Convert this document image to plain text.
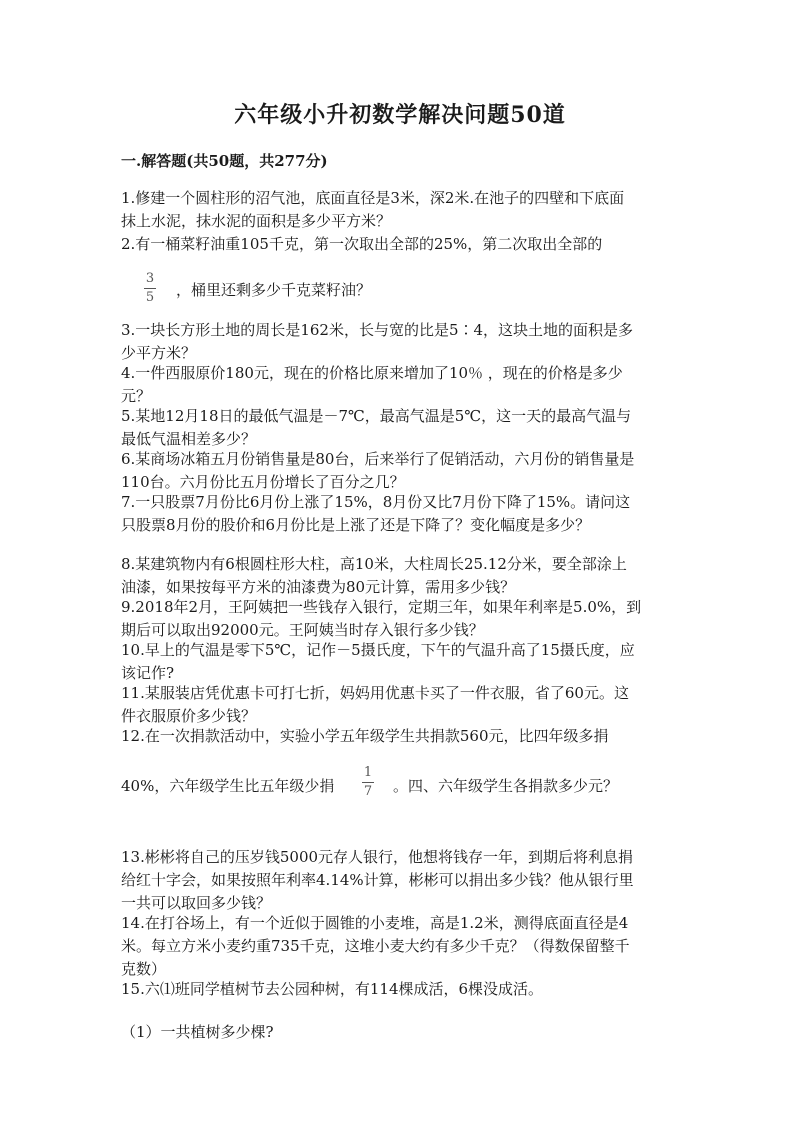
六年级小升初数学解决问题50道
一.解答题(共50题，共277分)
1.修建一个圆柱形的沼气池，底面直径是3米，深2米.在池子的四壁和下底面
抹上水泥，抹水泥的面积是多少平方米？
2.有一桶菜籽油重105千克，第一次取出全部的25%，第二次取出全部的
3
5 ，桶里还剩多少千克菜籽油？
3.一块长方形土地的周长是162米，长与宽的比是5∶4，这块土地的面积是多
少平方米？
4.一件西服原价180元，现在的价格比原来增加了10％ ，现在的价格是多少
元？
5.某地12月18日的最低气温是－7℃，最高气温是5℃，这一天的最高气温与
最低气温相差多少？
6.某商场冰箱五月份销售量是80台，后来举行了促销活动，六月份的销售量是
110台。六月份比五月份增长了百分之几？
7.一只股票7月份比6月份上涨了15%，8月份又比7月份下降了15%。请问这
只股票8月份的股价和6月份比是上涨了还是下降了？变化幅度是多少？
8.某建筑物内有6根圆柱形大柱，高10米，大柱周长25.12分米，要全部涂上
油漆，如果按每平方米的油漆费为80元计算，需用多少钱？
9.2018年2月，王阿姨把一些钱存入银行，定期三年，如果年利率是5.0%，到
期后可以取出92000元。王阿姨当时存入银行多少钱？
10.早上的气温是零下5℃，记作－5摄氏度，下午的气温升高了15摄氏度，应
该记作?
11.某服装店凭优惠卡可打七折，妈妈用优惠卡买了一件衣服，省了60元。这
件衣服原价多少钱？
12.在一次捐款活动中，实验小学五年级学生共捐款560元，比四年级多捐
40%，六年级学生比五年级少捐
1
7 。四、六年级学生各捐款多少元？
13.彬彬将自己的压岁钱5000元存人银行，他想将钱存一年，到期后将利息捐
给红十字会，如果按照年利率4.14%计算，彬彬可以捐出多少钱？他从银行里
一共可以取回多少钱？
14.在打谷场上，有一个近似于圆锥的小麦堆，高是1.2米，测得底面直径是4
米。每立方米小麦约重735千克，这堆小麦大约有多少千克？（得数保留整千
克数）
15.六⑴班同学植树节去公园种树，有114棵成活，6棵没成活。
（1）一共植树多少棵?
